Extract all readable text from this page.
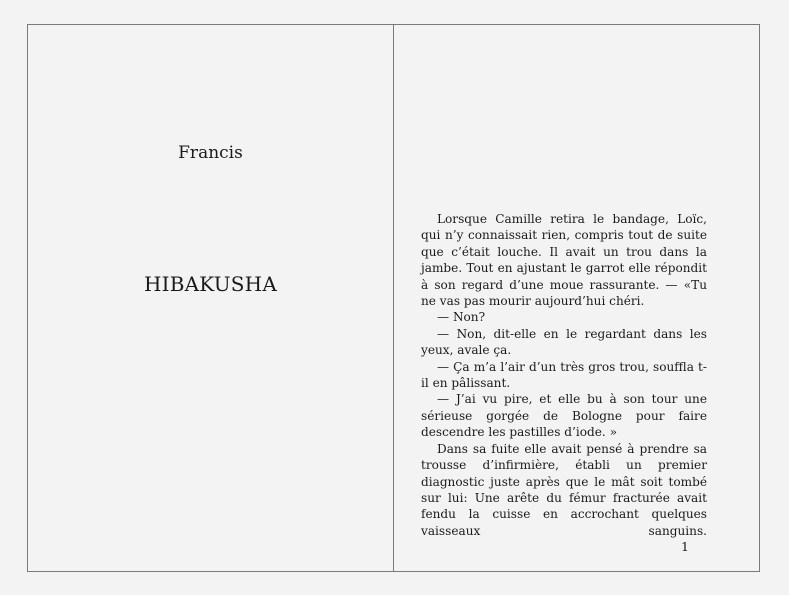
Francis
HIBAKUSHA

Lorsque Camille retira le bandage, Loïc, qui n’y connaissait rien, compris tout de suite que c’était louche. Il avait un trou dans la jambe. Tout en ajustant le garrot elle répondit à son regard d’une moue rassurante. — «Tu ne vas pas mourir aujourd’hui chéri.

— Non?

— Non, dit-elle en le regardant dans les yeux, avale ça.

— Ça m’a l’air d’un très gros trou, souffla t-il en pâlissant.

— J’ai vu pire, et elle bu à son tour une sérieuse gorgée de Bologne pour faire descendre les pastilles d’iode. »

Dans sa fuite elle avait pensé à prendre sa trousse d’infirmière, établi un premier diagnostic juste après que le mât soit tombé sur lui: Une arête du fémur fracturée avait fendu la cuisse en accrochant quelques vaisseaux sanguins.

1
